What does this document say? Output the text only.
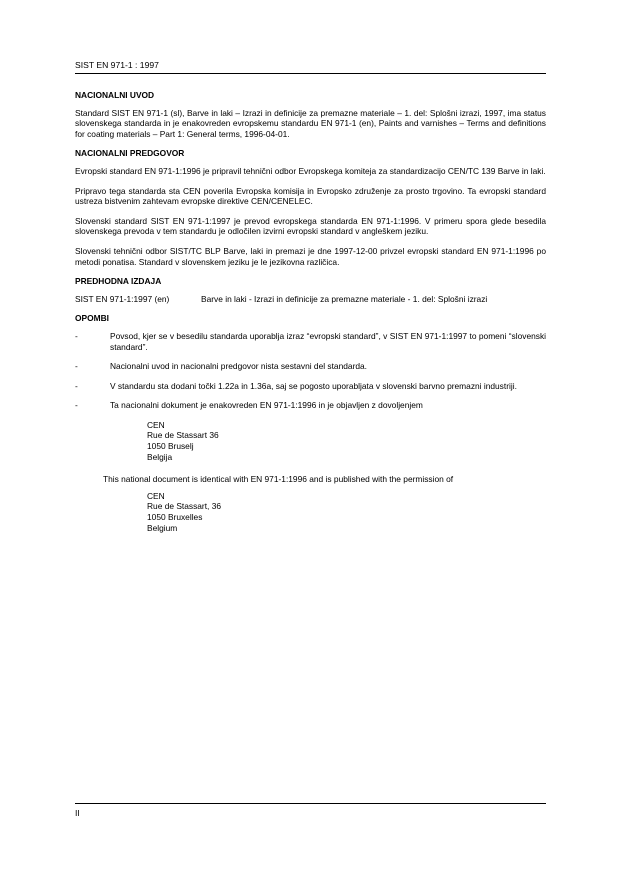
SIST EN 971-1 : 1997
NACIONALNI UVOD

Standard SIST EN 971-1 (sl), Barve in laki – Izrazi in definicije za premazne materiale – 1. del: Splošni izrazi, 1997, ima status slovenskega standarda in je enakovreden evropskemu standardu EN 971-1 (en), Paints and varnishes – Terms and definitions for coating materials – Part 1: General terms, 1996-04-01.

NACIONALNI PREDGOVOR

Evropski standard EN 971-1:1996 je pripravil tehnični odbor Evropskega komiteja za standardizacijo CEN/TC 139 Barve in laki.

Pripravo tega standarda sta CEN poverila Evropska komisija in Evropsko združenje za prosto trgovino. Ta evropski standard ustreza bistvenim zahtevam evropske direktive CEN/CENELEC.

Slovenski standard SIST EN 971-1:1997 je prevod evropskega standarda EN 971-1:1996. V primeru spora glede besedila slovenskega prevoda v tem standardu je odločilen izvirni evropski standard v angleškem jeziku.

Slovenski tehnični odbor SIST/TC BLP Barve, laki in premazi je dne 1997-12-00 privzel evropski standard EN 971-1:1996 po metodi ponatisa. Standard v slovenskem jeziku je le jezikovna različica.

PREDHODNA IZDAJA
SIST EN 971-1:1997 (en)	Barve in laki - Izrazi in definicije za premazne materiale - 1. del: Splošni izrazi
OPOMBI
-	Povsod, kjer se v besedilu standarda uporablja izraz “evropski standard”, v SIST EN 971-1:1997 to pomeni “slovenski standard”.
-	Nacionalni uvod in nacionalni predgovor nista sestavni del standarda.
-	V standardu sta dodani točki 1.22a in 1.36a, saj se pogosto uporabljata v slovenski barvno premazni industriji.
-	Ta nacionalni dokument je enakovreden EN 971-1:1996 in je objavljen z dovoljenjem
CEN
Rue de Stassart 36
1050 Bruselj
Belgija
This national document is identical with EN 971-1:1996 and is published with the permission of
CEN
Rue de Stassart, 36
1050 Bruxelles
Belgium
II
